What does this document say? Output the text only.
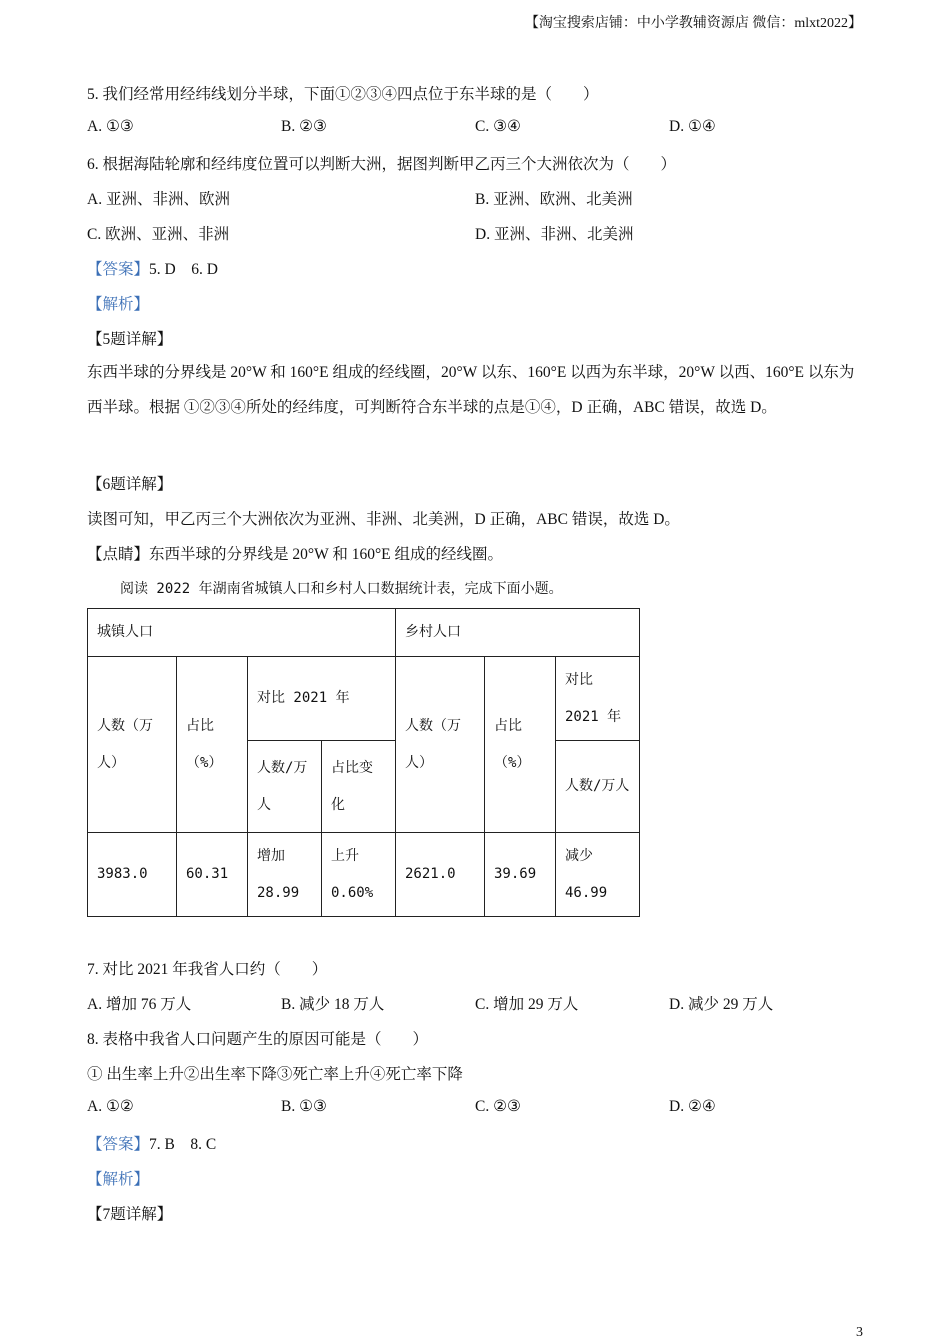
【淘宝搜索店铺：中小学教辅资源店 微信：mlxt2022】
5. 我们经常用经纬线划分半球，下面①②③④四点位于东半球的是（　　）
A. ①③	B. ②③	C. ③④	D. ①④
6. 根据海陆轮廓和经纬度位置可以判断大洲，据图判断甲乙丙三个大洲依次为（　　）
A. 亚洲、非洲、欧洲	B. 亚洲、欧洲、北美洲
C. 欧洲、亚洲、非洲	D. 亚洲、非洲、北美洲
【答案】5. D　6. D
【解析】
【5题详解】
东西半球的分界线是 20°W 和 160°E 组成的经线圈，20°W 以东、160°E 以西为东半球，20°W 以西、160°E 以东为西半球。根据 ①②③④所处的经纬度，可判断符合东半球的点是①④，D 正确，ABC 错误，故选 D。
【6题详解】
读图可知，甲乙丙三个大洲依次为亚洲、非洲、北美洲，D 正确，ABC 错误，故选 D。
【点睛】东西半球的分界线是 20°W 和 160°E 组成的经线圈。
阅读 2022 年湖南省城镇人口和乡村人口数据统计表，完成下面小题。
城镇人口				乡村人口		
人数（万人）	占比（%）	对比 2021 年		人数（万人）	占比（%）	对比 2021 年
		人数/万人	占比变化			人数/万人
3983.0	60.31	增加 28.99	上升 0.60%	2621.0	39.69	减少 46.99
7. 对比 2021 年我省人口约（　　）
A. 增加 76 万人	B. 减少 18 万人	C. 增加 29 万人	D. 减少 29 万人
8. 表格中我省人口问题产生的原因可能是（　　）
① 出生率上升②出生率下降③死亡率上升④死亡率下降
A. ①②	B. ①③	C. ②③	D. ②④
【答案】7. B　8. C
【解析】
【7题详解】
3
